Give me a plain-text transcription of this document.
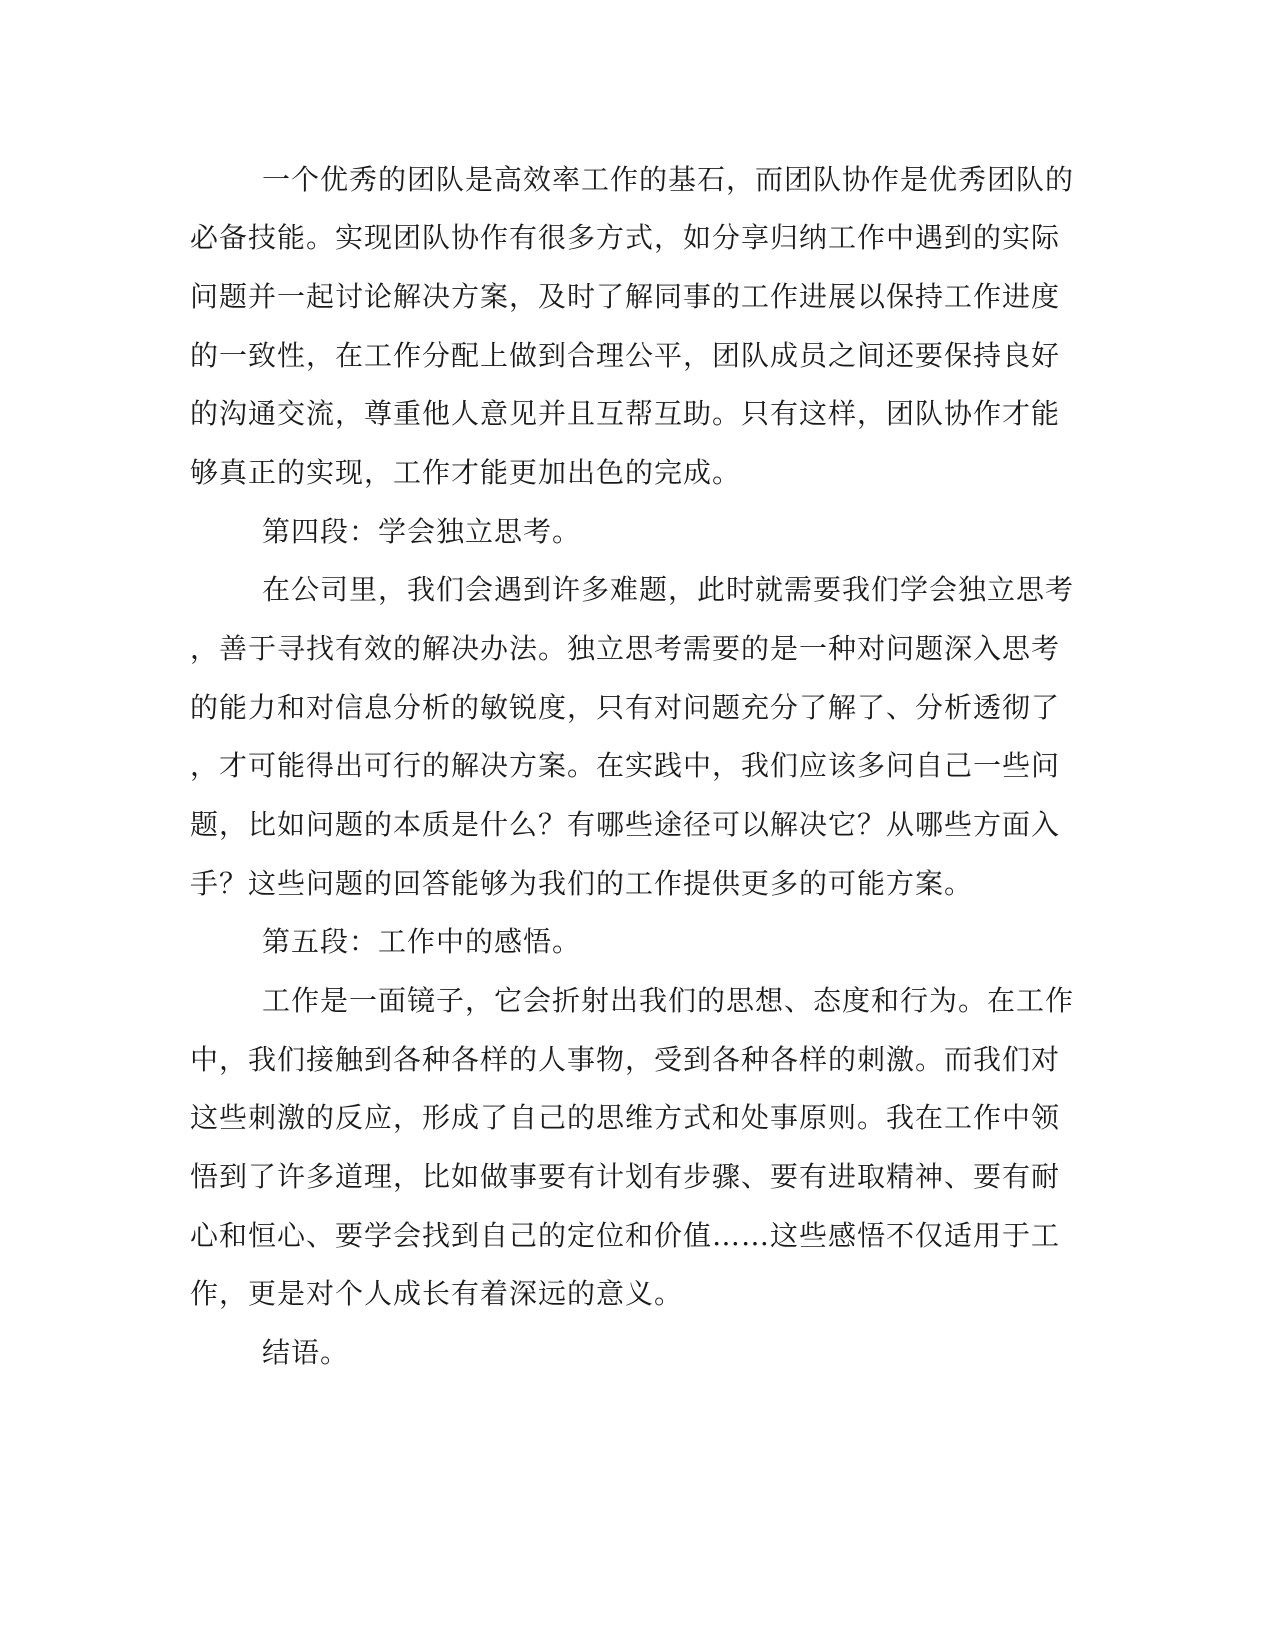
一个优秀的团队是高效率工作的基石，而团队协作是优秀团队的
必备技能。实现团队协作有很多方式，如分享归纳工作中遇到的实际
问题并一起讨论解决方案，及时了解同事的工作进展以保持工作进度
的一致性，在工作分配上做到合理公平，团队成员之间还要保持良好
的沟通交流，尊重他人意见并且互帮互助。只有这样，团队协作才能
够真正的实现，工作才能更加出色的完成。
第四段：学会独立思考。
在公司里，我们会遇到许多难题，此时就需要我们学会独立思考
，善于寻找有效的解决办法。独立思考需要的是一种对问题深入思考
的能力和对信息分析的敏锐度，只有对问题充分了解了、分析透彻了
，才可能得出可行的解决方案。在实践中，我们应该多问自己一些问
题，比如问题的本质是什么？有哪些途径可以解决它？从哪些方面入
手？这些问题的回答能够为我们的工作提供更多的可能方案。
第五段：工作中的感悟。
工作是一面镜子，它会折射出我们的思想、态度和行为。在工作
中，我们接触到各种各样的人事物，受到各种各样的刺激。而我们对
这些刺激的反应，形成了自己的思维方式和处事原则。我在工作中领
悟到了许多道理，比如做事要有计划有步骤、要有进取精神、要有耐
心和恒心、要学会找到自己的定位和价值……这些感悟不仅适用于工
作，更是对个人成长有着深远的意义。
结语。
